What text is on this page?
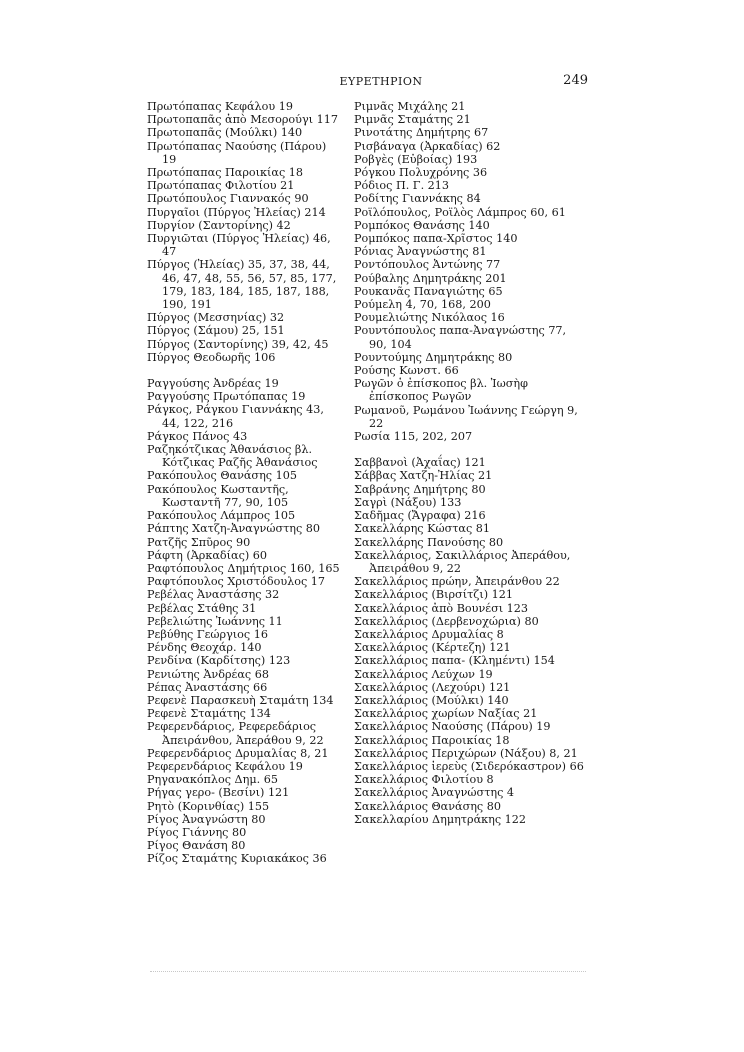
ΕΥΡΕΤΗΡΙΟΝ	249
Πρωτόπαπας Κεφάλου 19
Πρωτοπαπᾶς ἀπὸ Μεσορούγι 117
Πρωτοπαπᾶς (Μούλκι) 140
Πρωτόπαπας Ναούσης (Πάρου) 19
Πρωτόπαπας Παροικίας 18
Πρωτόπαπας Φιλοτίου 21
Πρωτόπουλος Γιαννακός 90
Πυργαῖοι (Πύργος Ἠλείας) 214
Πυργίον (Σαντορίνης) 42
Πυργιῶται (Πύργος Ἠλείας) 46, 47
Πύργος (Ἠλείας) 35, 37, 38, 44, 46, 47, 48, 55, 56, 57, 85, 177, 179, 183, 184, 185, 187, 188, 190, 191
Πύργος (Μεσσηνίας) 32
Πύργος (Σάμου) 25, 151
Πύργος (Σαντορίνης) 39, 42, 45
Πύργος Θεοδωρῆς 106
Ραγγούσης Ἀνδρέας 19
Ραγγούσης Πρωτόπαπας 19
Ράγκος, Ράγκου Γιαννάκης 43, 44, 122, 216
Ράγκος Πάνος 43
Ραζηκότζικας Ἀθανάσιος βλ. Κότζικας Ραζῆς Ἀθανάσιος
Ρακόπουλος Θανάσης 105
Ρακόπουλος Κωσταντῆς, Κωσταντῆ 77, 90, 105
Ρακόπουλος Λάμπρος 105
Ράπτης Χατζη-Ἀναγνώστης 80
Ρατζῆς Σπῦρος 90
Ράφτη (Ἀρκαδίας) 60
Ραφτόπουλος Δημήτριος 160, 165
Ραφτόπουλος Χριστόδουλος 17
Ρεβέλας Ἀναστάσης 32
Ρεβέλας Στάθης 31
Ρεβελιώτης Ἰωάννης 11
Ρεβύθης Γεώργιος 16
Ρένδης Θεοχάρ. 140
Ρενδίνα (Καρδίτσης) 123
Ρενιώτης Ἀνδρέας 68
Ρέπας Ἀναστάσης 66
Ρεφενὲ Παρασκευὴ Σταμάτη 134
Ρεφενὲ Σταμάτης 134
Ρεφερενδάριος, Ρεφερεδάριος Ἀπειράνθου, Ἀπεράθου 9, 22
Ρεφερενδάριος Δρυμαλίας 8, 21
Ρεφερενδάριος Κεφάλου 19
Ρηγανακόπλος Δημ. 65
Ρήγας γερο- (Βεσίνι) 121
Ρητὸ (Κορινθίας) 155
Ρίγος Ἀναγνώστη 80
Ρίγος Γιάννης 80
Ρίγος Θανάση 80
Ρίζος Σταμάτης Κυριακάκος 36
Ριμνᾶς Μιχάλης 21
Ριμνᾶς Σταμάτης 21
Ρινοτάτης Δημήτρης 67
Ρισβάναγα (Ἀρκαδίας) 62
Ροβγὲς (Εὐβοίας) 193
Ρόγκου Πολυχρόνης 36
Ρόδιος Π. Γ. 213
Ροδίτης Γιαννάκης 84
Ροϊλόπουλος, Ροϊλὸς Λάμπρος 60, 61
Ρομπόκος Θανάσης 140
Ρομπόκος παπα-Χρῖστος 140
Ρόνιας Ἀναγνώστης 81
Ροντόπουλος Ἀντώνης 77
Ρούβαλης Δημητράκης 201
Ρουκανᾶς Παναγιώτης 65
Ρούμελη 4, 70, 168, 200
Ρουμελιώτης Νικόλαος 16
Ρουντόπουλος παπα-Ἀναγνώστης 77, 90, 104
Ρουντούμης Δημητράκης 80
Ρούσης Κωνστ. 66
Ρωγῶν ὁ ἐπίσκοπος βλ. Ἰωσὴφ ἐπίσκοπος Ρωγῶν
Ρωμανοῦ, Ρωμάνου Ἰωάννης Γεώργη 9, 22
Ρωσία 115, 202, 207
Σαββανοὶ (Ἀχαΐας) 121
Σάββας Χατζη-Ἠλίας 21
Σαβράνης Δημήτρης 80
Σαγρὶ (Νάξου) 133
Σαδῆμας (Ἄγραφα) 216
Σακελλάρης Κώστας 81
Σακελλάρης Πανούσης 80
Σακελλάριος, Σακιλλάριος Ἀπεράθου, Ἀπειράθου 9, 22
Σακελλάριος πρώην, Ἀπειράνθου 22
Σακελλάριος (Βιρσίτζι) 121
Σακελλάριος ἀπὸ Βουνέσι 123
Σακελλάριος (Δερβενοχώρια) 80
Σακελλάριος Δρυμαλίας 8
Σακελλάριος (Κέρτεζη) 121
Σακελλάριος παπα- (Κλημέντι) 154
Σακελλάριος Λεύχων 19
Σακελλάριος (Λεχούρι) 121
Σακελλάριος (Μούλκι) 140
Σακελλάριος χωρίων Ναξίας 21
Σακελλάριος Ναούσης (Πάρου) 19
Σακελλάριος Παροικίας 18
Σακελλάριος Περιχώρων (Νάξου) 8, 21
Σακελλάριος ἱερεὺς (Σιδερόκαστρον) 66
Σακελλάριος Φιλοτίου 8
Σακελλάριος Ἀναγνώστης 4
Σακελλάριος Θανάσης 80
Σακελλαρίου Δημητράκης 122
